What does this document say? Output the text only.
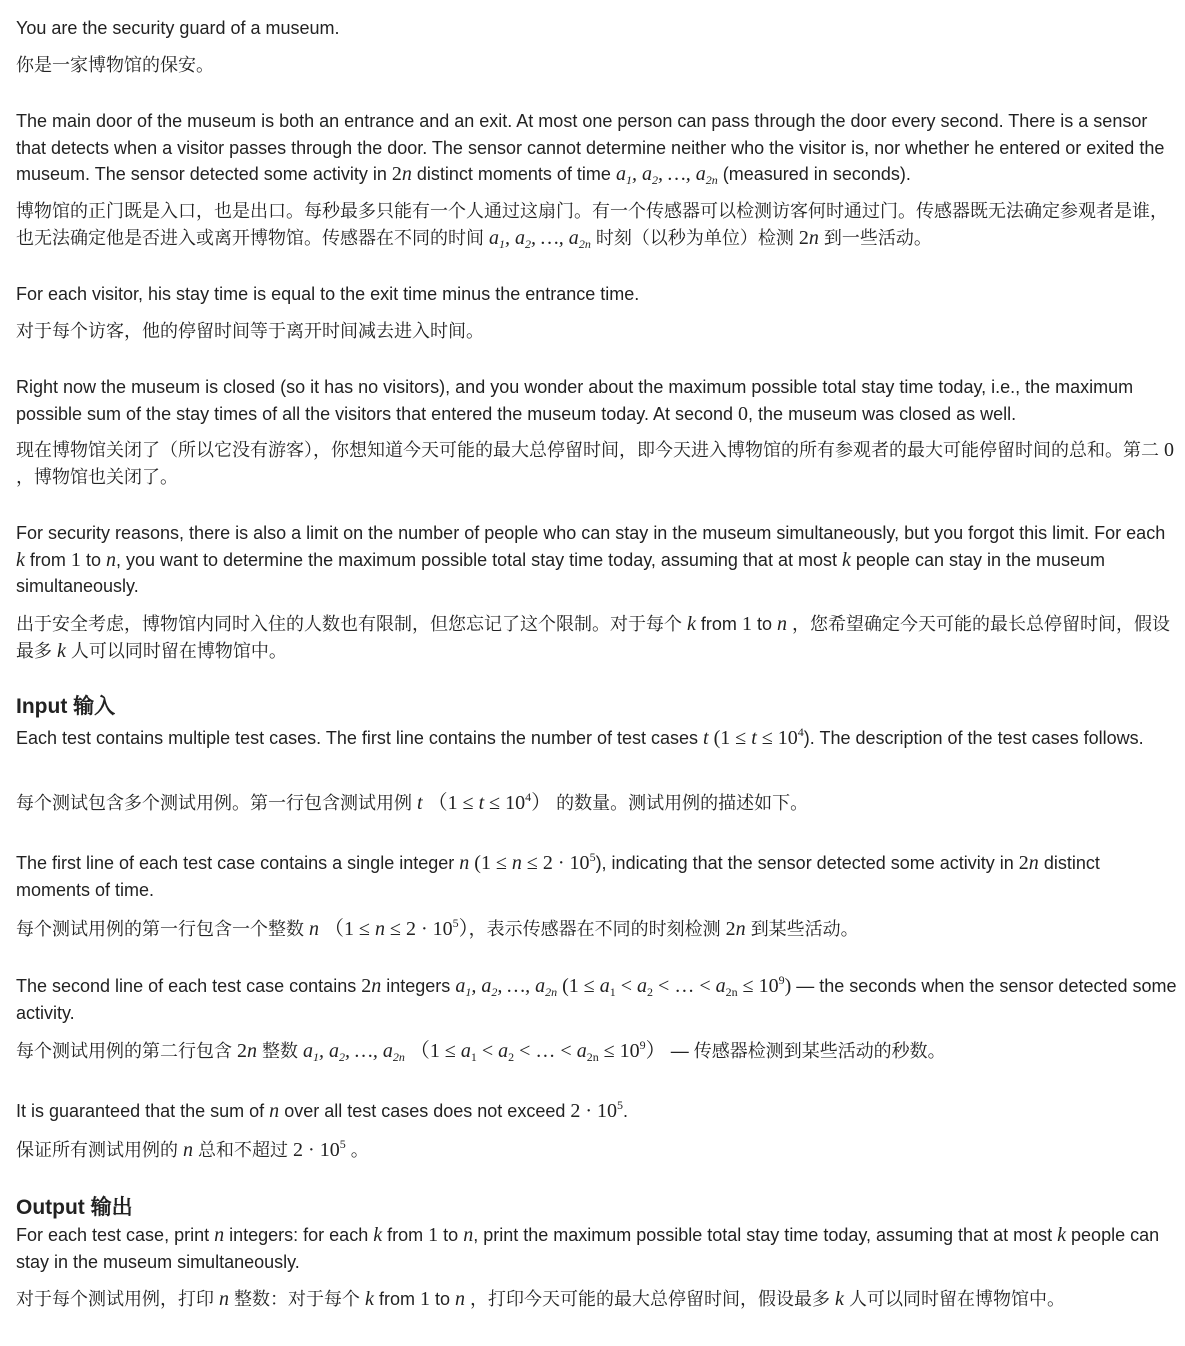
You are the security guard of a museum.

你是一家博物馆的保安。

The main door of the museum is both an entrance and an exit. At most one person can pass through the door every second. There is a sensor that detects when a visitor passes through the door. The sensor cannot determine neither who the visitor is, nor whether he entered or exited the museum. The sensor detected some activity in 2n distinct moments of time $a_1$, $a_2$, …, $a_{2n}$ (measured in seconds).

博物馆的正门既是入口，也是出口。每秒最多只能有一个人通过这扇门。有一个传感器可以检测访客何时通过门。传感器既无法确定参观者是谁，也无法确定他是否进入或离开博物馆。传感器在不同的时间 $a_1$, $a_2$, …, $a_{2n}$ 时刻（以秒为单位）检测 2n 到一些活动。

For each visitor, his stay time is equal to the exit time minus the entrance time.

对于每个访客，他的停留时间等于离开时间减去进入时间。

Right now the museum is closed (so it has no visitors), and you wonder about the maximum possible total stay time today, i.e., the maximum possible sum of the stay times of all the visitors that entered the museum today. At second 0, the museum was closed as well.

现在博物馆关闭了（所以它没有游客），你想知道今天可能的最大总停留时间，即今天进入博物馆的所有参观者的最大可能停留时间的总和。第二 0 ，博物馆也关闭了。

For security reasons, there is also a limit on the number of people who can stay in the museum simultaneously, but you forgot this limit. For each k from 1 to n, you want to determine the maximum possible total stay time today, assuming that at most k people can stay in the museum simultaneously.

出于安全考虑，博物馆内同时入住的人数也有限制，但您忘记了这个限制。对于每个 k from 1 to n ，您希望确定今天可能的最长总停留时间，假设最多 k 人可以同时留在博物馆中。

Input 输入

Each test contains multiple test cases. The first line contains the number of test cases t $(1 \le t \le 10^4)$. The description of the test cases follows.

每个测试包含多个测试用例。第一行包含测试用例 t $(1 \le t \le 10^4)$ 的数量。测试用例的描述如下。

The first line of each test case contains a single integer n $(1 \le n \le 2 \cdot 10^5)$, indicating that the sensor detected some activity in 2n distinct moments of time.

每个测试用例的第一行包含一个整数 n $(1 \le n \le 2 \cdot 10^5)$，表示传感器在不同的时刻检测 2n 到某些活动。

The second line of each test case contains 2n integers $a_1$, $a_2$, …, $a_{2n}$ ($1 \le a_1 < a_2$ < … < $a_{2n} \le 10^9$) — the seconds when the sensor detected some activity.

每个测试用例的第二行包含 2n 整数 $a_1$, $a_2$, …, $a_{2n}$ （$1 \le a_1 < a_2$ < … < $a_{2n} \le 10^9$） — 传感器检测到某些活动的秒数。

It is guaranteed that the sum of n over all test cases does not exceed $2 \cdot 10^5$.

保证所有测试用例的 n 总和不超过 $2 \cdot 10^5$ 。

Output 输出

For each test case, print n integers: for each k from 1 to n, print the maximum possible total stay time today, assuming that at most k people can stay in the museum simultaneously.

对于每个测试用例，打印 n 整数：对于每个 k from 1 to n ，打印今天可能的最大总停留时间，假设最多 k 人可以同时留在博物馆中。
